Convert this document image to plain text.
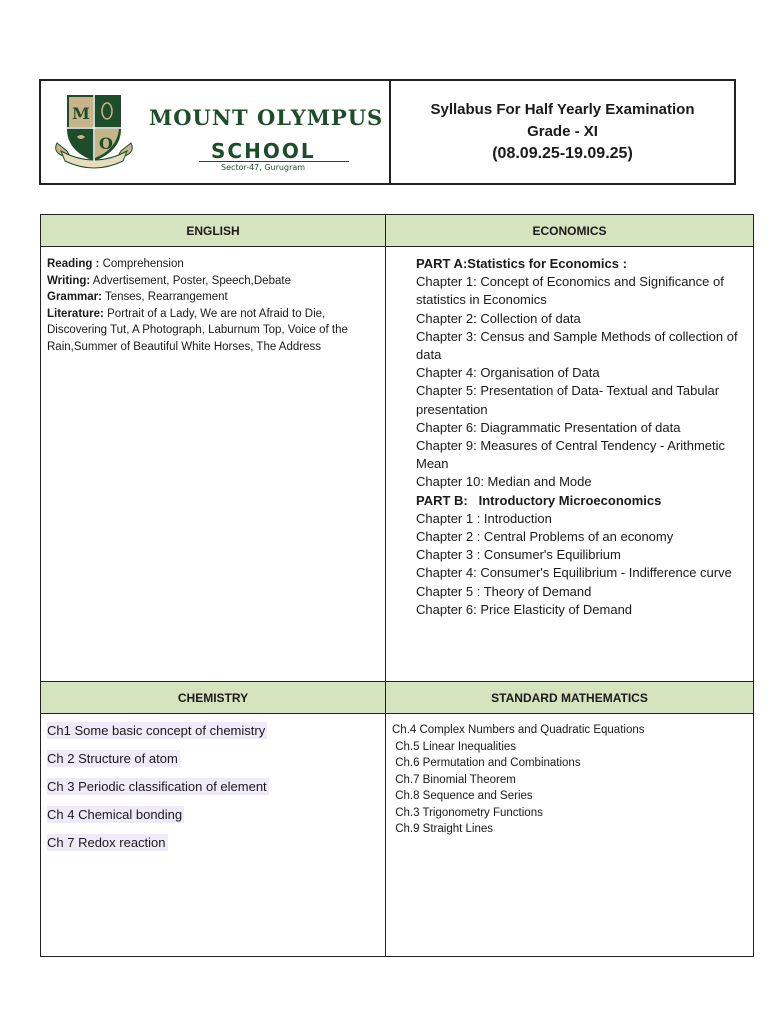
M
O
MOUNT OLYMPUS
SCHOOL
Sector-47, Gurugram
Syllabus For Half Yearly Examination
Grade - XI
(08.09.25-19.09.25)
ENGLISH	ECONOMICS
Reading : Comprehension
Writing: Advertisement, Poster, Speech,Debate
Grammar: Tenses, Rearrangement
Literature: Portrait of a Lady, We are not Afraid to Die, Discovering Tut, A Photograph, Laburnum Top, Voice of the Rain,Summer of Beautiful White Horses, The Address
PART A:Statistics for Economics :
Chapter 1: Concept of Economics and Significance of statistics in Economics
Chapter 2: Collection of data
Chapter 3: Census and Sample Methods of collection of data
Chapter 4: Organisation of Data
Chapter 5: Presentation of Data- Textual and Tabular presentation
Chapter 6: Diagrammatic Presentation of data
Chapter 9: Measures of Central Tendency - Arithmetic Mean
Chapter 10: Median and Mode
PART B:   Introductory Microeconomics
Chapter 1 : Introduction
Chapter 2 : Central Problems of an economy
Chapter 3 : Consumer's Equilibrium
Chapter 4: Consumer's Equilibrium - Indifference curve
Chapter 5 : Theory of Demand
Chapter 6: Price Elasticity of Demand
CHEMISTRY	STANDARD MATHEMATICS
Ch1 Some basic concept of chemistry
Ch 2 Structure of atom
Ch 3 Periodic classification of element
Ch 4 Chemical bonding
Ch 7 Redox reaction
Ch.4 Complex Numbers and Quadratic Equations
Ch.5 Linear Inequalities
Ch.6 Permutation and Combinations
Ch.7 Binomial Theorem
Ch.8 Sequence and Series
Ch.3 Trigonometry Functions
Ch.9 Straight Lines
